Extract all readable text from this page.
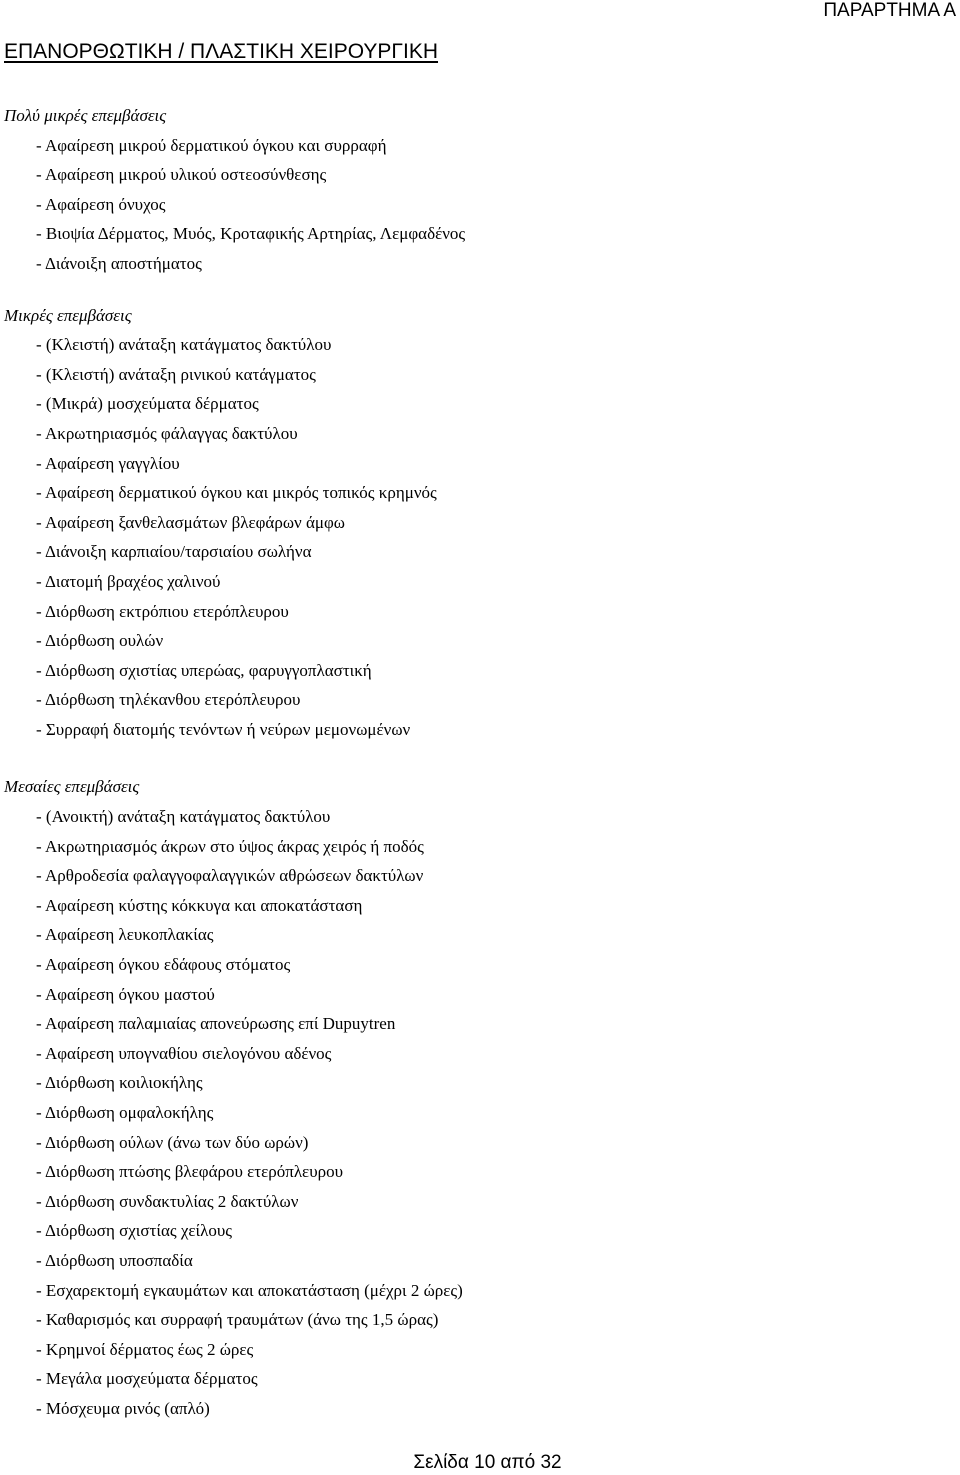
ΠΑΡΑΡΤΗΜΑ Α
ΕΠΑΝΟΡΘΩΤΙΚΗ / ΠΛΑΣΤΙΚΗ ΧΕΙΡΟΥΡΓΙΚΗ
Πολύ μικρές επεμβάσεις
- Αφαίρεση μικρού δερματικού όγκου και συρραφή
- Αφαίρεση μικρού υλικού οστεοσύνθεσης
- Αφαίρεση όνυχος
- Βιοψία Δέρματος, Μυός, Κροταφικής Αρτηρίας, Λεμφαδένος
- Διάνοιξη αποστήματος
Μικρές επεμβάσεις
- (Κλειστή) ανάταξη κατάγματος δακτύλου
- (Κλειστή) ανάταξη ρινικού κατάγματος
- (Μικρά) μοσχεύματα δέρματος
- Ακρωτηριασμός φάλαγγας δακτύλου
- Αφαίρεση γαγγλίου
- Αφαίρεση δερματικού όγκου και μικρός τοπικός κρημνός
- Αφαίρεση ξανθελασμάτων βλεφάρων άμφω
- Διάνοιξη καρπιαίου/ταρσιαίου σωλήνα
- Διατομή βραχέος χαλινού
- Διόρθωση εκτρόπιου ετερόπλευρου
- Διόρθωση ουλών
- Διόρθωση σχιστίας υπερώας, φαρυγγοπλαστική
- Διόρθωση τηλέκανθου ετερόπλευρου
- Συρραφή διατομής τενόντων ή νεύρων μεμονωμένων
Μεσαίες επεμβάσεις
- (Ανοικτή) ανάταξη κατάγματος δακτύλου
- Ακρωτηριασμός άκρων στο ύψος άκρας χειρός ή ποδός
- Αρθροδεσία φαλαγγοφαλαγγικών αθρώσεων δακτύλων
- Αφαίρεση κύστης κόκκυγα και αποκατάσταση
- Αφαίρεση λευκοπλακίας
- Αφαίρεση όγκου εδάφους στόματος
- Αφαίρεση όγκου μαστού
- Αφαίρεση παλαμιαίας απονεύρωσης επί Dupuytren
- Αφαίρεση υπογναθίου σιελογόνου αδένος
- Διόρθωση κοιλιοκήλης
- Διόρθωση ομφαλοκήλης
- Διόρθωση ούλων (άνω των δύο ωρών)
- Διόρθωση πτώσης βλεφάρου ετερόπλευρου
- Διόρθωση συνδακτυλίας 2 δακτύλων
- Διόρθωση σχιστίας χείλους
- Διόρθωση υποσπαδία
- Εσχαρεκτομή εγκαυμάτων και αποκατάσταση (μέχρι 2 ώρες)
- Καθαρισμός και συρραφή τραυμάτων (άνω της 1,5 ώρας)
- Κρημνοί δέρματος έως 2 ώρες
- Μεγάλα μοσχεύματα δέρματος
- Μόσχευμα ρινός (απλό)
Σελίδα 10 από 32
